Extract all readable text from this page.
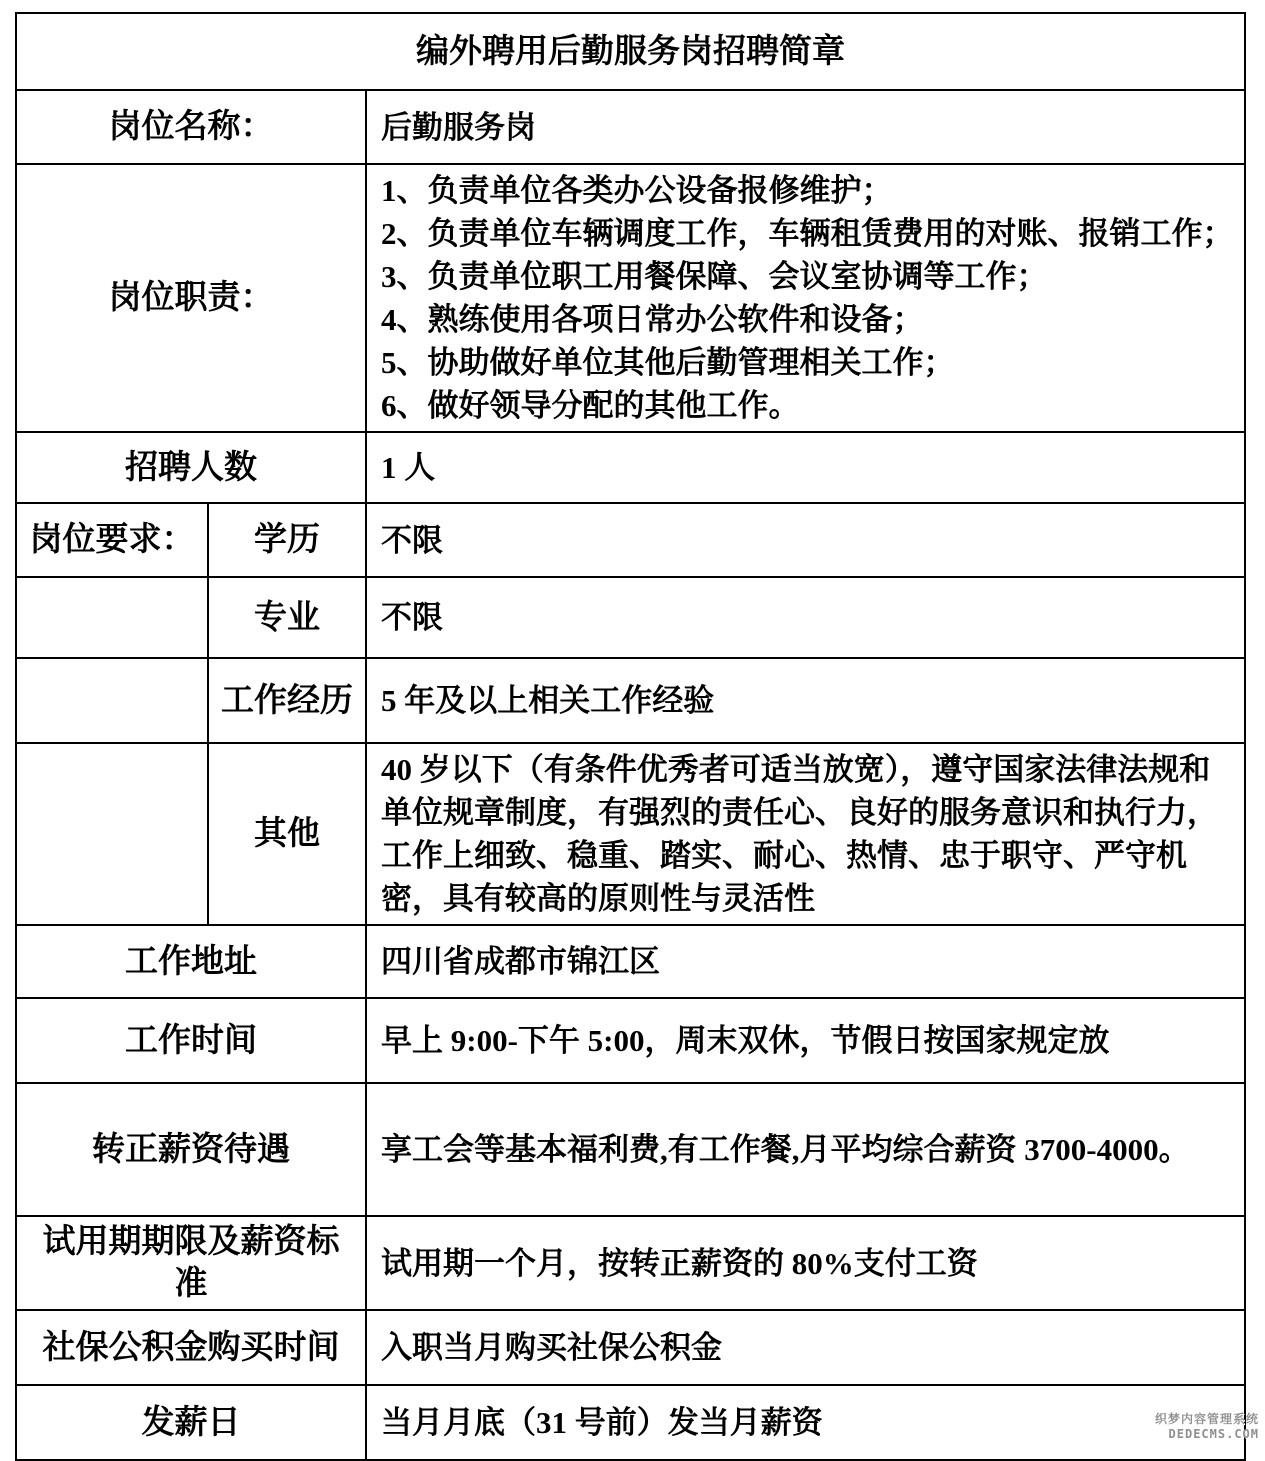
编外聘用后勤服务岗招聘简章		
岗位名称：		后勤服务岗
岗位职责：	
1、负责单位各类办公设备报修维护；
2、负责单位车辆调度工作，车辆租赁费用的对账、报销工作；
3、负责单位职工用餐保障、会议室协调等工作；
4、熟练使用各项日常办公软件和设备；
5、协助做好单位其他后勤管理相关工作；
6、做好领导分配的其他工作。

招聘人数		1 人
岗位要求：	学历	不限
	专业	不限
	工作经历	5 年及以上相关工作经验
	其他	40 岁以下（有条件优秀者可适当放宽），遵守国家法律法规和单位规章制度，有强烈的责任心、良好的服务意识和执行力，工作上细致、稳重、踏实、耐心、热情、忠于职守、严守机密，具有较高的原则性与灵活性
工作地址		四川省成都市锦江区
工作时间		早上 9:00-下午 5:00，周末双休，节假日按国家规定放
转正薪资待遇		享工会等基本福利费,有工作餐,月平均综合薪资 3700-4000。
试用期期限及薪资标准		试用期一个月，按转正薪资的 80%支付工资
社保公积金购买时间		入职当月购买社保公积金
发薪日		当月月底（31 号前）发当月薪资	织梦内容管理系统
DEDECMS.COM
